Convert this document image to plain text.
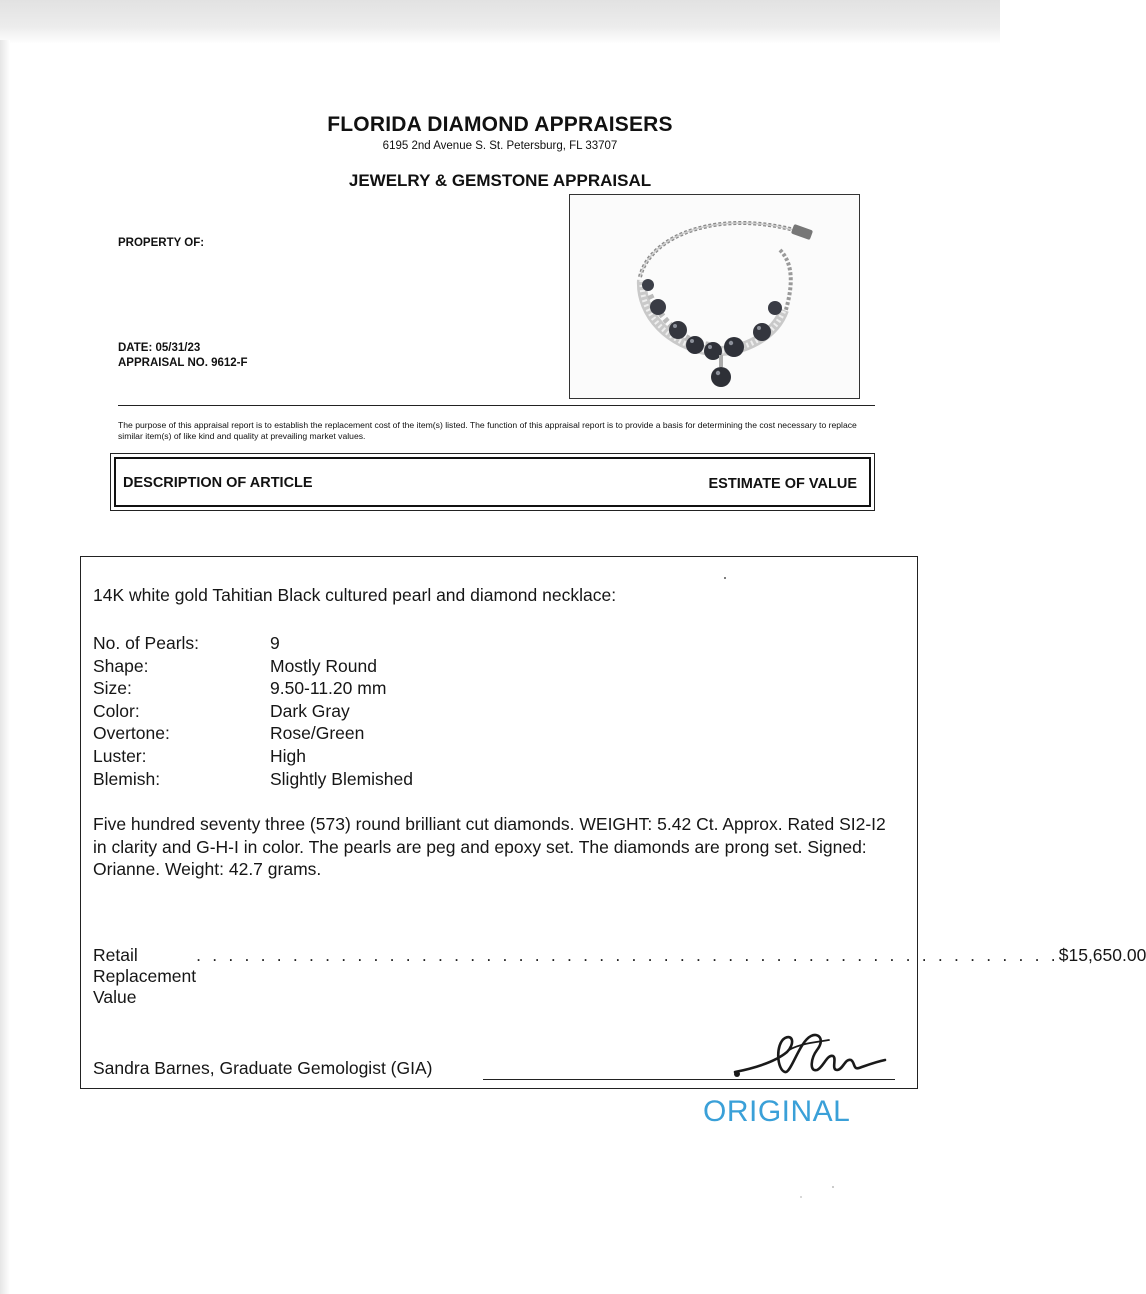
FLORIDA DIAMOND APPRAISERS
6195 2nd Avenue S. St. Petersburg, FL 33707
JEWELRY & GEMSTONE APPRAISAL
PROPERTY OF:
DATE: 05/31/23
APPRAISAL NO. 9612-F
The purpose of this appraisal report is to establish the replacement cost of the item(s) listed. The function of this appraisal report is to provide a basis for determining the cost necessary to replace similar item(s) of like kind and quality at prevailing market values.
DESCRIPTION OF ARTICLE	ESTIMATE OF VALUE
14K white gold Tahitian Black cultured pearl and diamond necklace:
No. of Pearls:	9
Shape:	Mostly Round
Size:	9.50-11.20 mm
Color:	Dark Gray
Overtone:	Rose/Green
Luster:	High
Blemish:	Slightly Blemished
Five hundred seventy three (573) round brilliant cut diamonds. WEIGHT: 5.42 Ct. Approx. Rated SI2-I2 in clarity and G-H-I in color. The pearls are peg and epoxy set. The diamonds are prong set. Signed: Orianne. Weight: 42.7 grams.
Retail Replacement Value
. . . . . . . . . . . . . . . . . . . . . . . . . . . . . . . . . . . . . . . . . . . . . . . . . . . . . . $15,650.00
Sandra Barnes, Graduate Gemologist (GIA)
ORIGINAL
